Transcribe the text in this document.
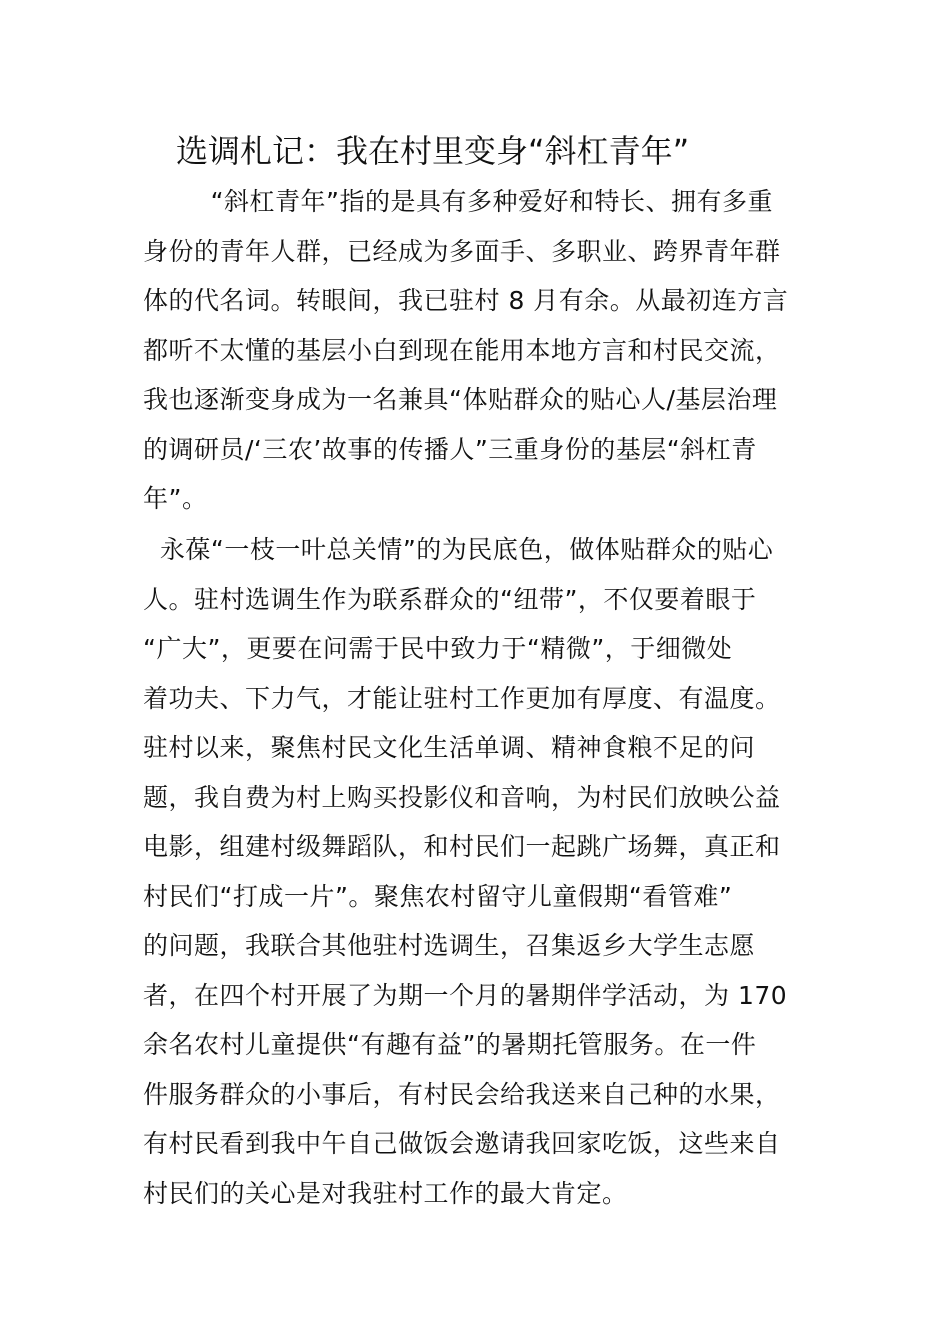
选调札记：我在村里变身“斜杠青年”
“斜杠青年”指的是具有多种爱好和特长、拥有多重
身份的青年人群，已经成为多面手、多职业、跨界青年群
体的代名词。转眼间，我已驻村 8 月有余。从最初连方言
都听不太懂的基层小白到现在能用本地方言和村民交流，
我也逐渐变身成为一名兼具“体贴群众的贴心人/基层治理
的调研员/‘三农’故事的传播人”三重身份的基层“斜杠青
年”。
永葆“一枝一叶总关情”的为民底色，做体贴群众的贴心
人。驻村选调生作为联系群众的“纽带”，不仅要着眼于
“广大”，更要在问需于民中致力于“精微”，于细微处
着功夫、下力气，才能让驻村工作更加有厚度、有温度。
驻村以来，聚焦村民文化生活单调、精神食粮不足的问
题，我自费为村上购买投影仪和音响，为村民们放映公益
电影，组建村级舞蹈队，和村民们一起跳广场舞，真正和
村民们“打成一片”。聚焦农村留守儿童假期“看管难”
的问题，我联合其他驻村选调生，召集返乡大学生志愿
者，在四个村开展了为期一个月的暑期伴学活动，为 170
余名农村儿童提供“有趣有益”的暑期托管服务。在一件
件服务群众的小事后，有村民会给我送来自己种的水果，
有村民看到我中午自己做饭会邀请我回家吃饭，这些来自
村民们的关心是对我驻村工作的最大肯定。
